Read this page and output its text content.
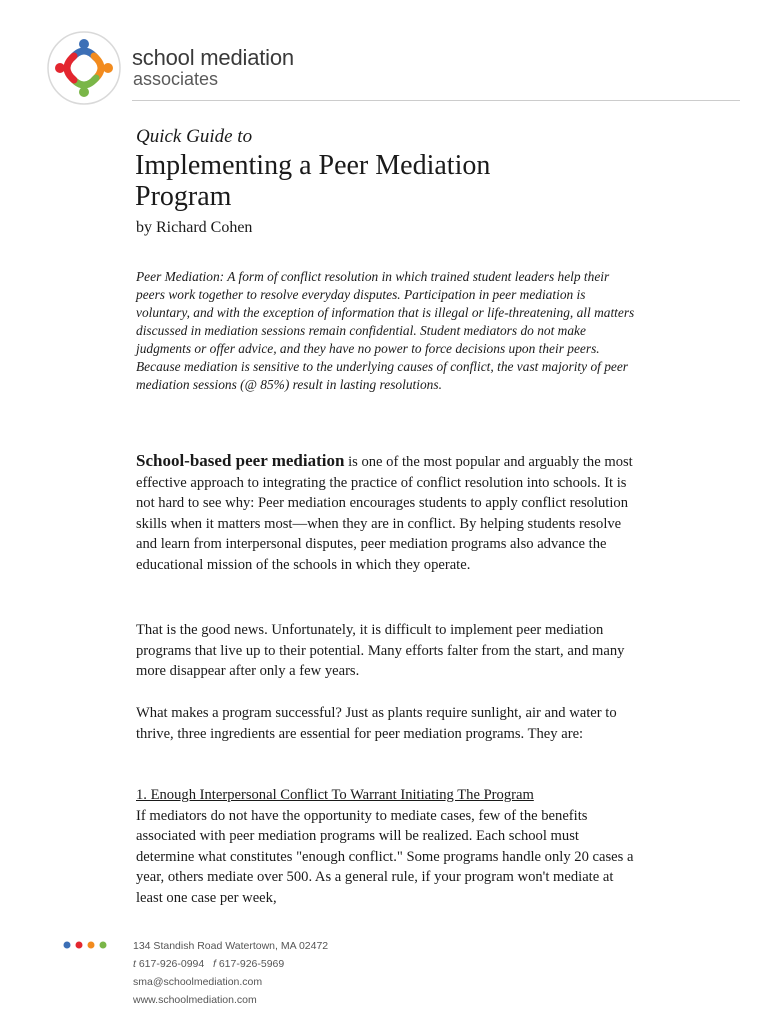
school mediation
associates
Quick Guide to
Implementing a Peer Mediation Program
by Richard Cohen

Peer Mediation: A form of conflict resolution in which trained student leaders help their peers work together to resolve everyday disputes. Participation in peer mediation is voluntary, and with the exception of information that is illegal or life-threatening, all matters discussed in mediation sessions remain confidential. Student mediators do not make judgments or offer advice, and they have no power to force decisions upon their peers. Because mediation is sensitive to the underlying causes of conflict, the vast majority of peer mediation sessions (@ 85%) result in lasting resolutions.

School-based peer mediation is one of the most popular and arguably the most effective approach to integrating the practice of conflict resolution into schools. It is not hard to see why: Peer mediation encourages students to apply conflict resolution skills when it matters most—when they are in conflict. By helping students resolve and learn from interpersonal disputes, peer mediation programs also advance the educational mission of the schools in which they operate.

That is the good news. Unfortunately, it is difficult to implement peer mediation programs that live up to their potential. Many efforts falter from the start, and many more disappear after only a few years.

What makes a program successful? Just as plants require sunlight, air and water to thrive, three ingredients are essential for peer mediation programs. They are:

1. Enough Interpersonal Conflict To Warrant Initiating The Program
If mediators do not have the opportunity to mediate cases, few of the benefits associated with peer mediation programs will be realized. Each school must determine what constitutes "enough conflict." Some programs handle only 20 cases a year, others mediate over 500. As a general rule, if your program won't mediate at least one case per week,
134 Standish Road Watertown, MA 02472
t 617-926-0994 f 617-926-5969
sma@schoolmediation.com
www.schoolmediation.com
